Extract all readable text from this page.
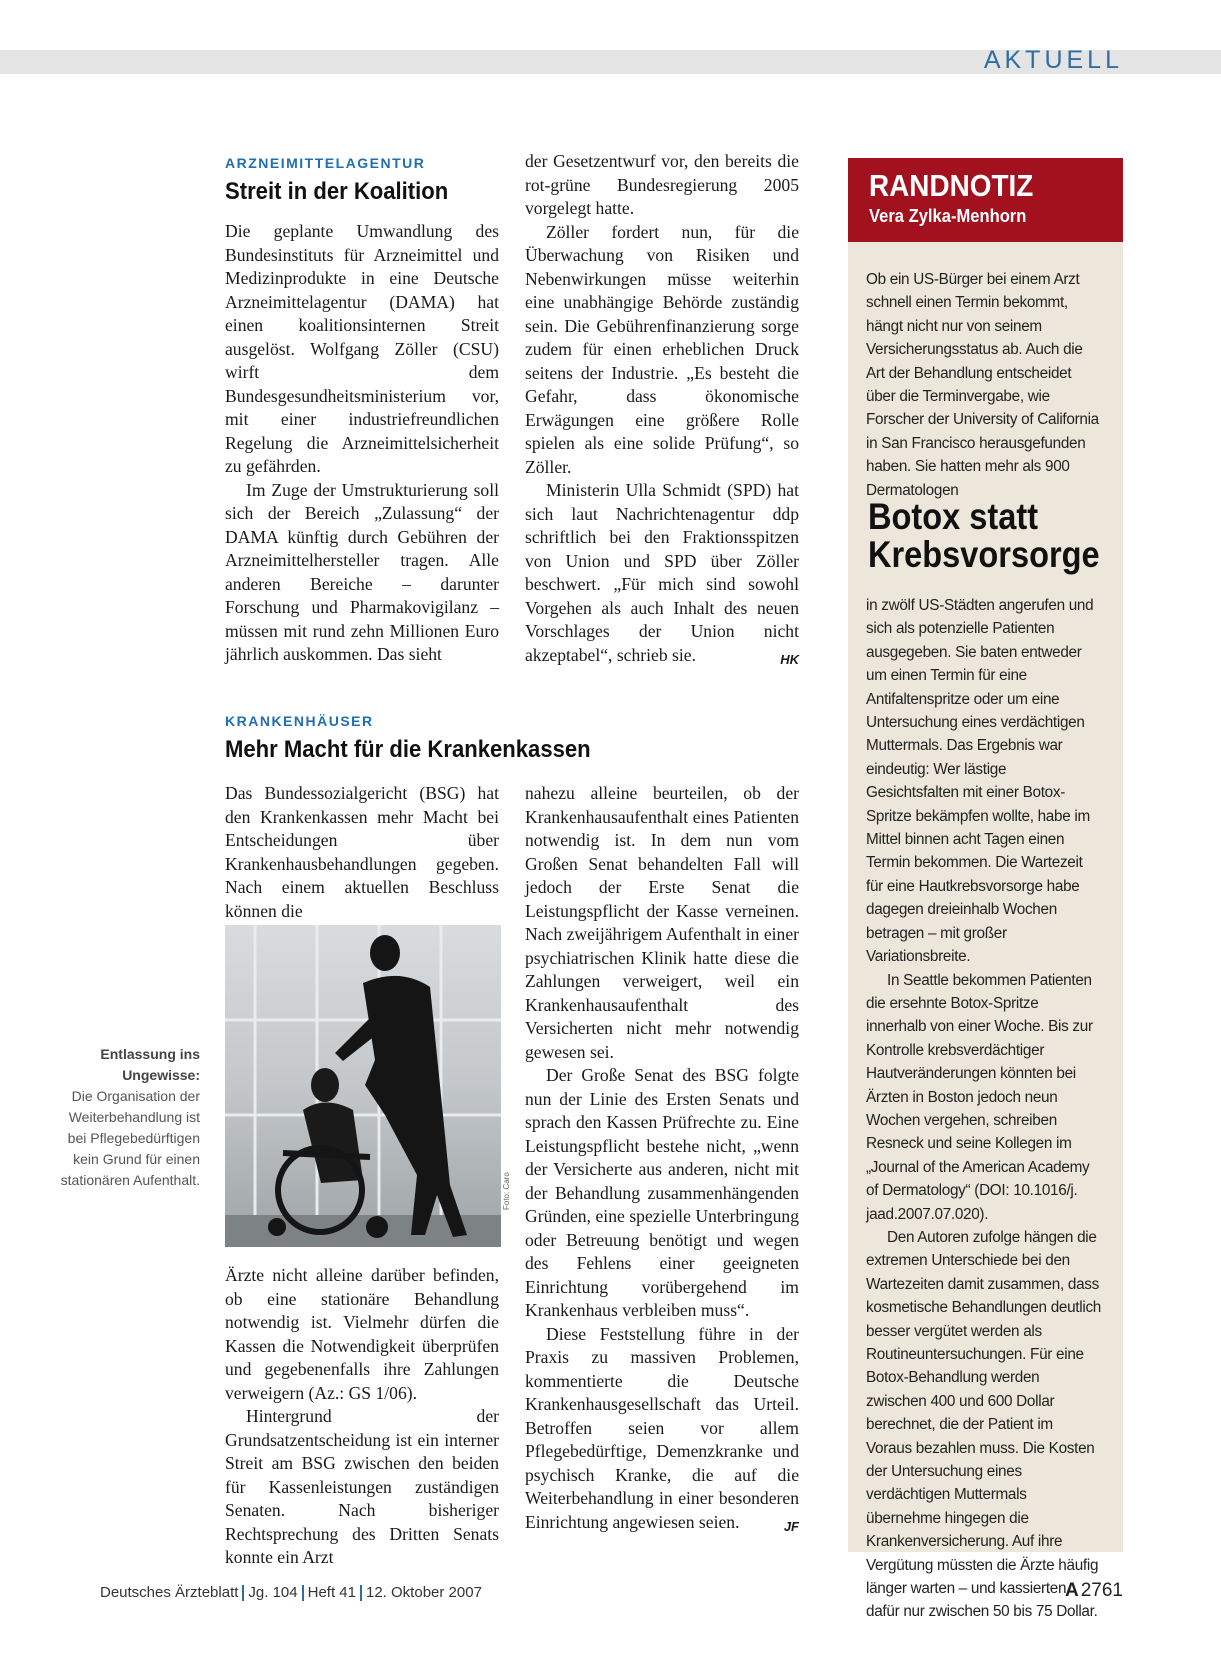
AKTUELL
ARZNEIMITTELAGENTUR
Streit in der Koalition

Die geplante Umwandlung des Bundesinstituts für Arzneimittel und Medizinprodukte in eine Deutsche Arzneimittelagentur (DAMA) hat einen koalitionsinternen Streit ausgelöst. Wolfgang Zöller (CSU) wirft dem Bundesgesundheitsministerium vor, mit einer industriefreundlichen Regelung die Arzneimittelsicherheit zu gefährden.

Im Zuge der Umstrukturierung soll sich der Bereich „Zulassung“ der DAMA künftig durch Gebühren der Arzneimittelhersteller tragen. Alle anderen Bereiche – darunter Forschung und Pharmakovigilanz – müssen mit rund zehn Millionen Euro jährlich auskommen. Das sieht

der Gesetzentwurf vor, den bereits die rot-grüne Bundesregierung 2005 vorgelegt hatte.

Zöller fordert nun, für die Überwachung von Risiken und Nebenwirkungen müsse weiterhin eine unabhängige Behörde zuständig sein. Die Gebührenfinanzierung sorge zudem für einen erheblichen Druck seitens der Industrie. „Es besteht die Gefahr, dass ökonomische Erwägungen eine größere Rolle spielen als eine solide Prüfung“, so Zöller.

Ministerin Ulla Schmidt (SPD) hat sich laut Nachrichtenagentur ddp schriftlich bei den Fraktionsspitzen von Union und SPD über Zöller beschwert. „Für mich sind sowohl Vorgehen als auch Inhalt des neuen Vorschlages der Union nicht akzeptabel“, schrieb sie.	HK

KRANKENHÄUSER
Mehr Macht für die Krankenkassen

Das Bundessozialgericht (BSG) hat den Krankenkassen mehr Macht bei Entscheidungen über Krankenhausbehandlungen gegeben. Nach einem aktuellen Beschluss können die

Foto: Caro
Entlassung ins Ungewisse:
Die Organisation der Weiterbehandlung ist bei Pflegebedürftigen kein Grund für einen stationären Aufenthalt.

Ärzte nicht alleine darüber befinden, ob eine stationäre Behandlung notwendig ist. Vielmehr dürfen die Kassen die Notwendigkeit überprüfen und gegebenenfalls ihre Zahlungen verweigern (Az.: GS 1/06).

Hintergrund der Grundsatzentscheidung ist ein interner Streit am BSG zwischen den beiden für Kassenleistungen zuständigen Senaten. Nach bisheriger Rechtsprechung des Dritten Senats konnte ein Arzt

nahezu alleine beurteilen, ob der Krankenhausaufenthalt eines Patienten notwendig ist. In dem nun vom Großen Senat behandelten Fall will jedoch der Erste Senat die Leistungspflicht der Kasse verneinen. Nach zweijährigem Aufenthalt in einer psychiatrischen Klinik hatte diese die Zahlungen verweigert, weil ein Krankenhausaufenthalt des Versicherten nicht mehr notwendig gewesen sei.

Der Große Senat des BSG folgte nun der Linie des Ersten Senats und sprach den Kassen Prüfrechte zu. Eine Leistungspflicht bestehe nicht, „wenn der Versicherte aus anderen, nicht mit der Behandlung zusammenhängenden Gründen, eine spezielle Unterbringung oder Betreuung benötigt und wegen des Fehlens einer geeigneten Einrichtung vorübergehend im Krankenhaus verbleiben muss“.

Diese Feststellung führe in der Praxis zu massiven Problemen, kommentierte die Deutsche Krankenhausgesellschaft das Urteil. Betroffen seien vor allem Pflegebedürftige, Demenzkranke und psychisch Kranke, die auf die Weiterbehandlung in einer besonderen Einrichtung angewiesen seien.	JF

RANDNOTIZ
Vera Zylka-Menhorn

Ob ein US-Bürger bei einem Arzt schnell einen Termin bekommt, hängt nicht nur von seinem Versicherungsstatus ab. Auch die Art der Behandlung entscheidet über die Terminvergabe, wie Forscher der University of California in San Francisco herausgefunden haben. Sie hatten mehr als 900 Dermatologen

Botox statt Krebsvorsorge

in zwölf US-Städten angerufen und sich als potenzielle Patienten ausgegeben. Sie baten entweder um einen Termin für eine Antifaltenspritze oder um eine Untersuchung eines verdächtigen Muttermals. Das Ergebnis war eindeutig: Wer lästige Gesichtsfalten mit einer Botox-Spritze bekämpfen wollte, habe im Mittel binnen acht Tagen einen Termin bekommen. Die Wartezeit für eine Hautkrebsvorsorge habe dagegen dreieinhalb Wochen betragen – mit großer Variationsbreite.

In Seattle bekommen Patienten die ersehnte Botox-Spritze innerhalb von einer Woche. Bis zur Kontrolle krebsverdächtiger Hautveränderungen könnten bei Ärzten in Boston jedoch neun Wochen vergehen, schreiben Resneck und seine Kollegen im „Journal of the American Academy of Dermatology“ (DOI: 10.1016/j. jaad.2007.07.020).

Den Autoren zufolge hängen die extremen Unterschiede bei den Wartezeiten damit zusammen, dass kosmetische Behandlungen deutlich besser vergütet werden als Routineuntersuchungen. Für eine Botox-Behandlung werden zwischen 400 und 600 Dollar berechnet, die der Patient im Voraus bezahlen muss. Die Kosten der Untersuchung eines verdächtigen Muttermals übernehme hingegen die Krankenversicherung. Auf ihre Vergütung müssten die Ärzte häufig länger warten – und kassierten dafür nur zwischen 50 bis 75 Dollar.

Deutsches Ärzteblatt Jg. 104 Heft 41 12. Oktober 2007	A 2761
